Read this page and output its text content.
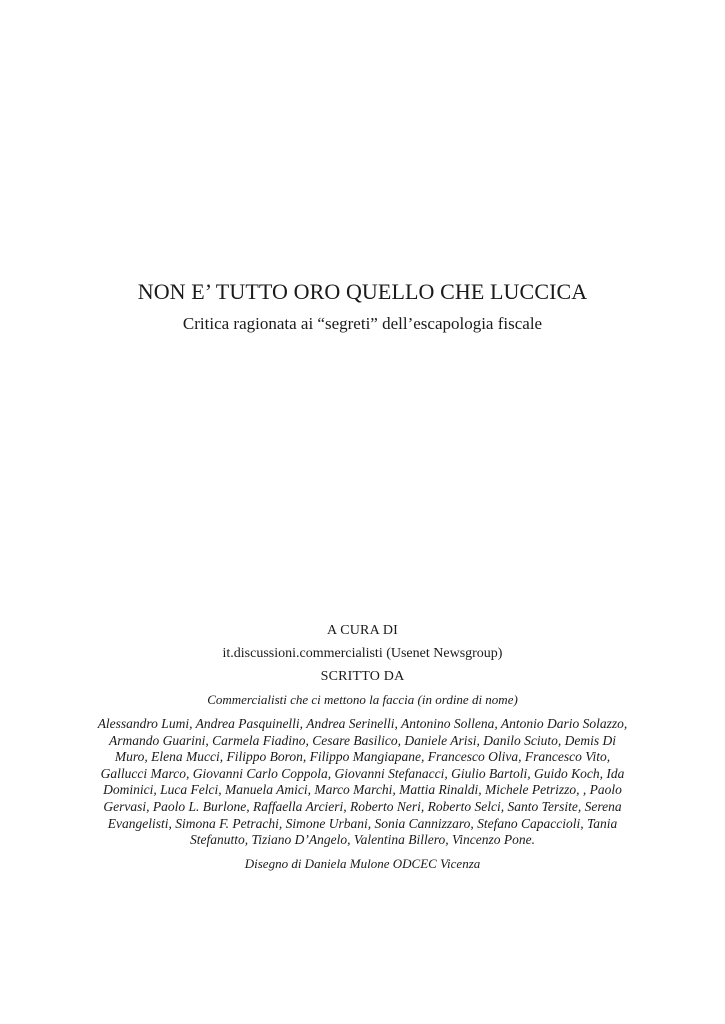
NON E’ TUTTO ORO QUELLO CHE LUCCICA
Critica ragionata ai “segreti” dell’escapologia fiscale
A CURA DI
it.discussioni.commercialisti (Usenet Newsgroup)
SCRITTO DA
Commercialisti che ci mettono la faccia (in ordine di nome)
Alessandro Lumi, Andrea Pasquinelli, Andrea Serinelli, Antonino Sollena, Antonio Dario Solazzo, Armando Guarini, Carmela Fiadino, Cesare Basilico, Daniele Arisi, Danilo Sciuto, Demis Di Muro, Elena Mucci, Filippo Boron, Filippo Mangiapane, Francesco Oliva, Francesco Vito, Gallucci Marco, Giovanni Carlo Coppola, Giovanni Stefanacci, Giulio Bartoli, Guido Koch, Ida Dominici, Luca Felci, Manuela Amici, Marco Marchi, Mattia Rinaldi, Michele Petrizzo, , Paolo Gervasi, Paolo L. Burlone, Raffaella Arcieri, Roberto Neri, Roberto Selci, Santo Tersite, Serena Evangelisti, Simona F. Petrachi, Simone Urbani, Sonia Cannizzaro, Stefano Capaccioli, Tania Stefanutto, Tiziano D’Angelo, Valentina Billero, Vincenzo Pone.
Disegno di Daniela Mulone ODCEC Vicenza
